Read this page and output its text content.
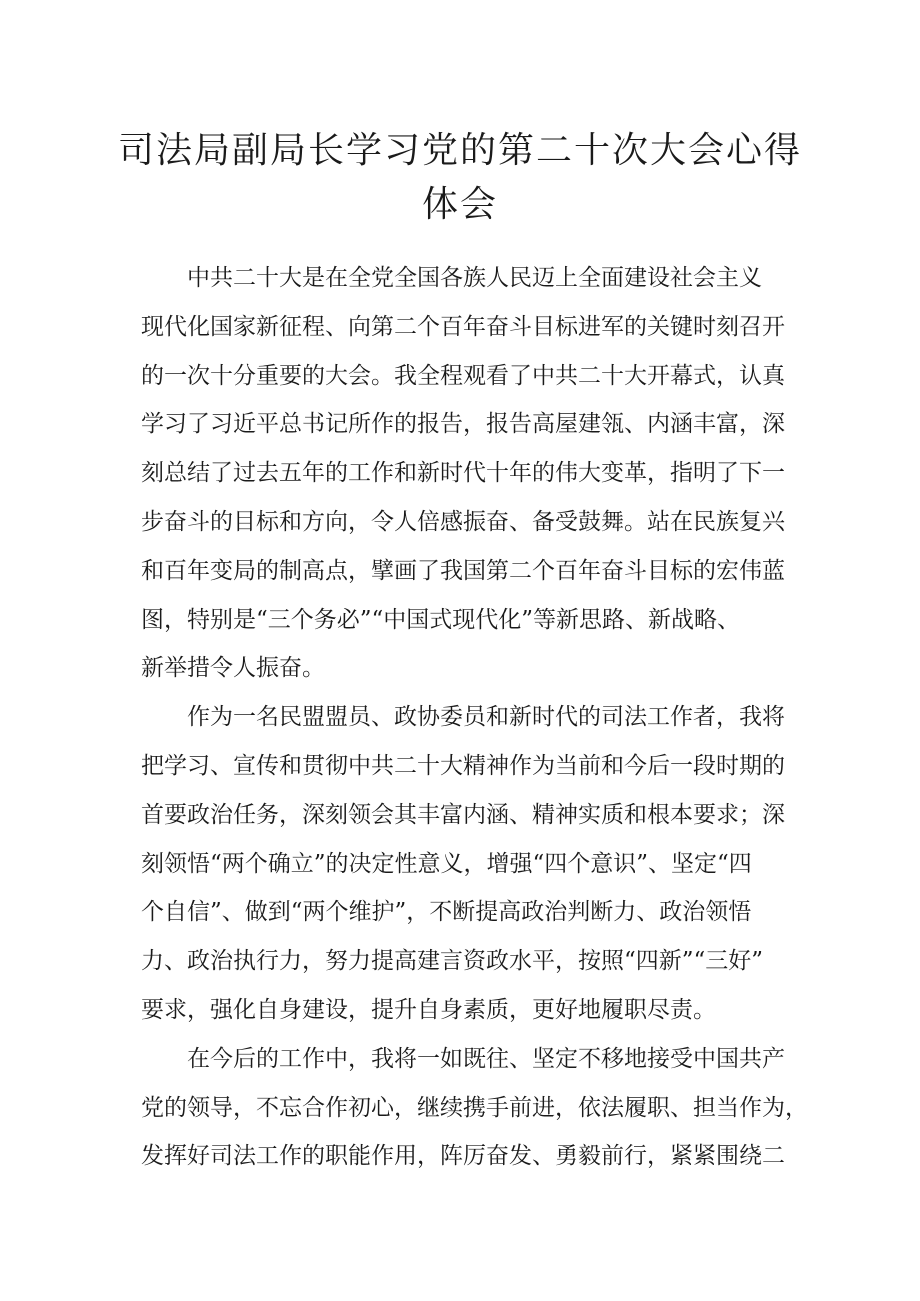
司法局副局长学习党的第二十次大会心得
体会
　　中共二十大是在全党全国各族人民迈上全面建设社会主义
现代化国家新征程、向第二个百年奋斗目标进军的关键时刻召开
的一次十分重要的大会。我全程观看了中共二十大开幕式，认真
学习了习近平总书记所作的报告，报告高屋建瓴、内涵丰富，深
刻总结了过去五年的工作和新时代十年的伟大变革，指明了下一
步奋斗的目标和方向，令人倍感振奋、备受鼓舞。站在民族复兴
和百年变局的制高点，擘画了我国第二个百年奋斗目标的宏伟蓝
图，特别是“三个务必”“中国式现代化”等新思路、新战略、
新举措令人振奋。
　　作为一名民盟盟员、政协委员和新时代的司法工作者，我将
把学习、宣传和贯彻中共二十大精神作为当前和今后一段时期的
首要政治任务，深刻领会其丰富内涵、精神实质和根本要求；深
刻领悟“两个确立”的决定性意义，增强“四个意识”、坚定“四
个自信”、做到“两个维护”，不断提高政治判断力、政治领悟
力、政治执行力，努力提高建言资政水平，按照“四新”“三好”
要求，强化自身建设，提升自身素质，更好地履职尽责。
　　在今后的工作中，我将一如既往、坚定不移地接受中国共产
党的领导，不忘合作初心，继续携手前进，依法履职、担当作为，
发挥好司法工作的职能作用，阵厉奋发、勇毅前行，紧紧围绕二
